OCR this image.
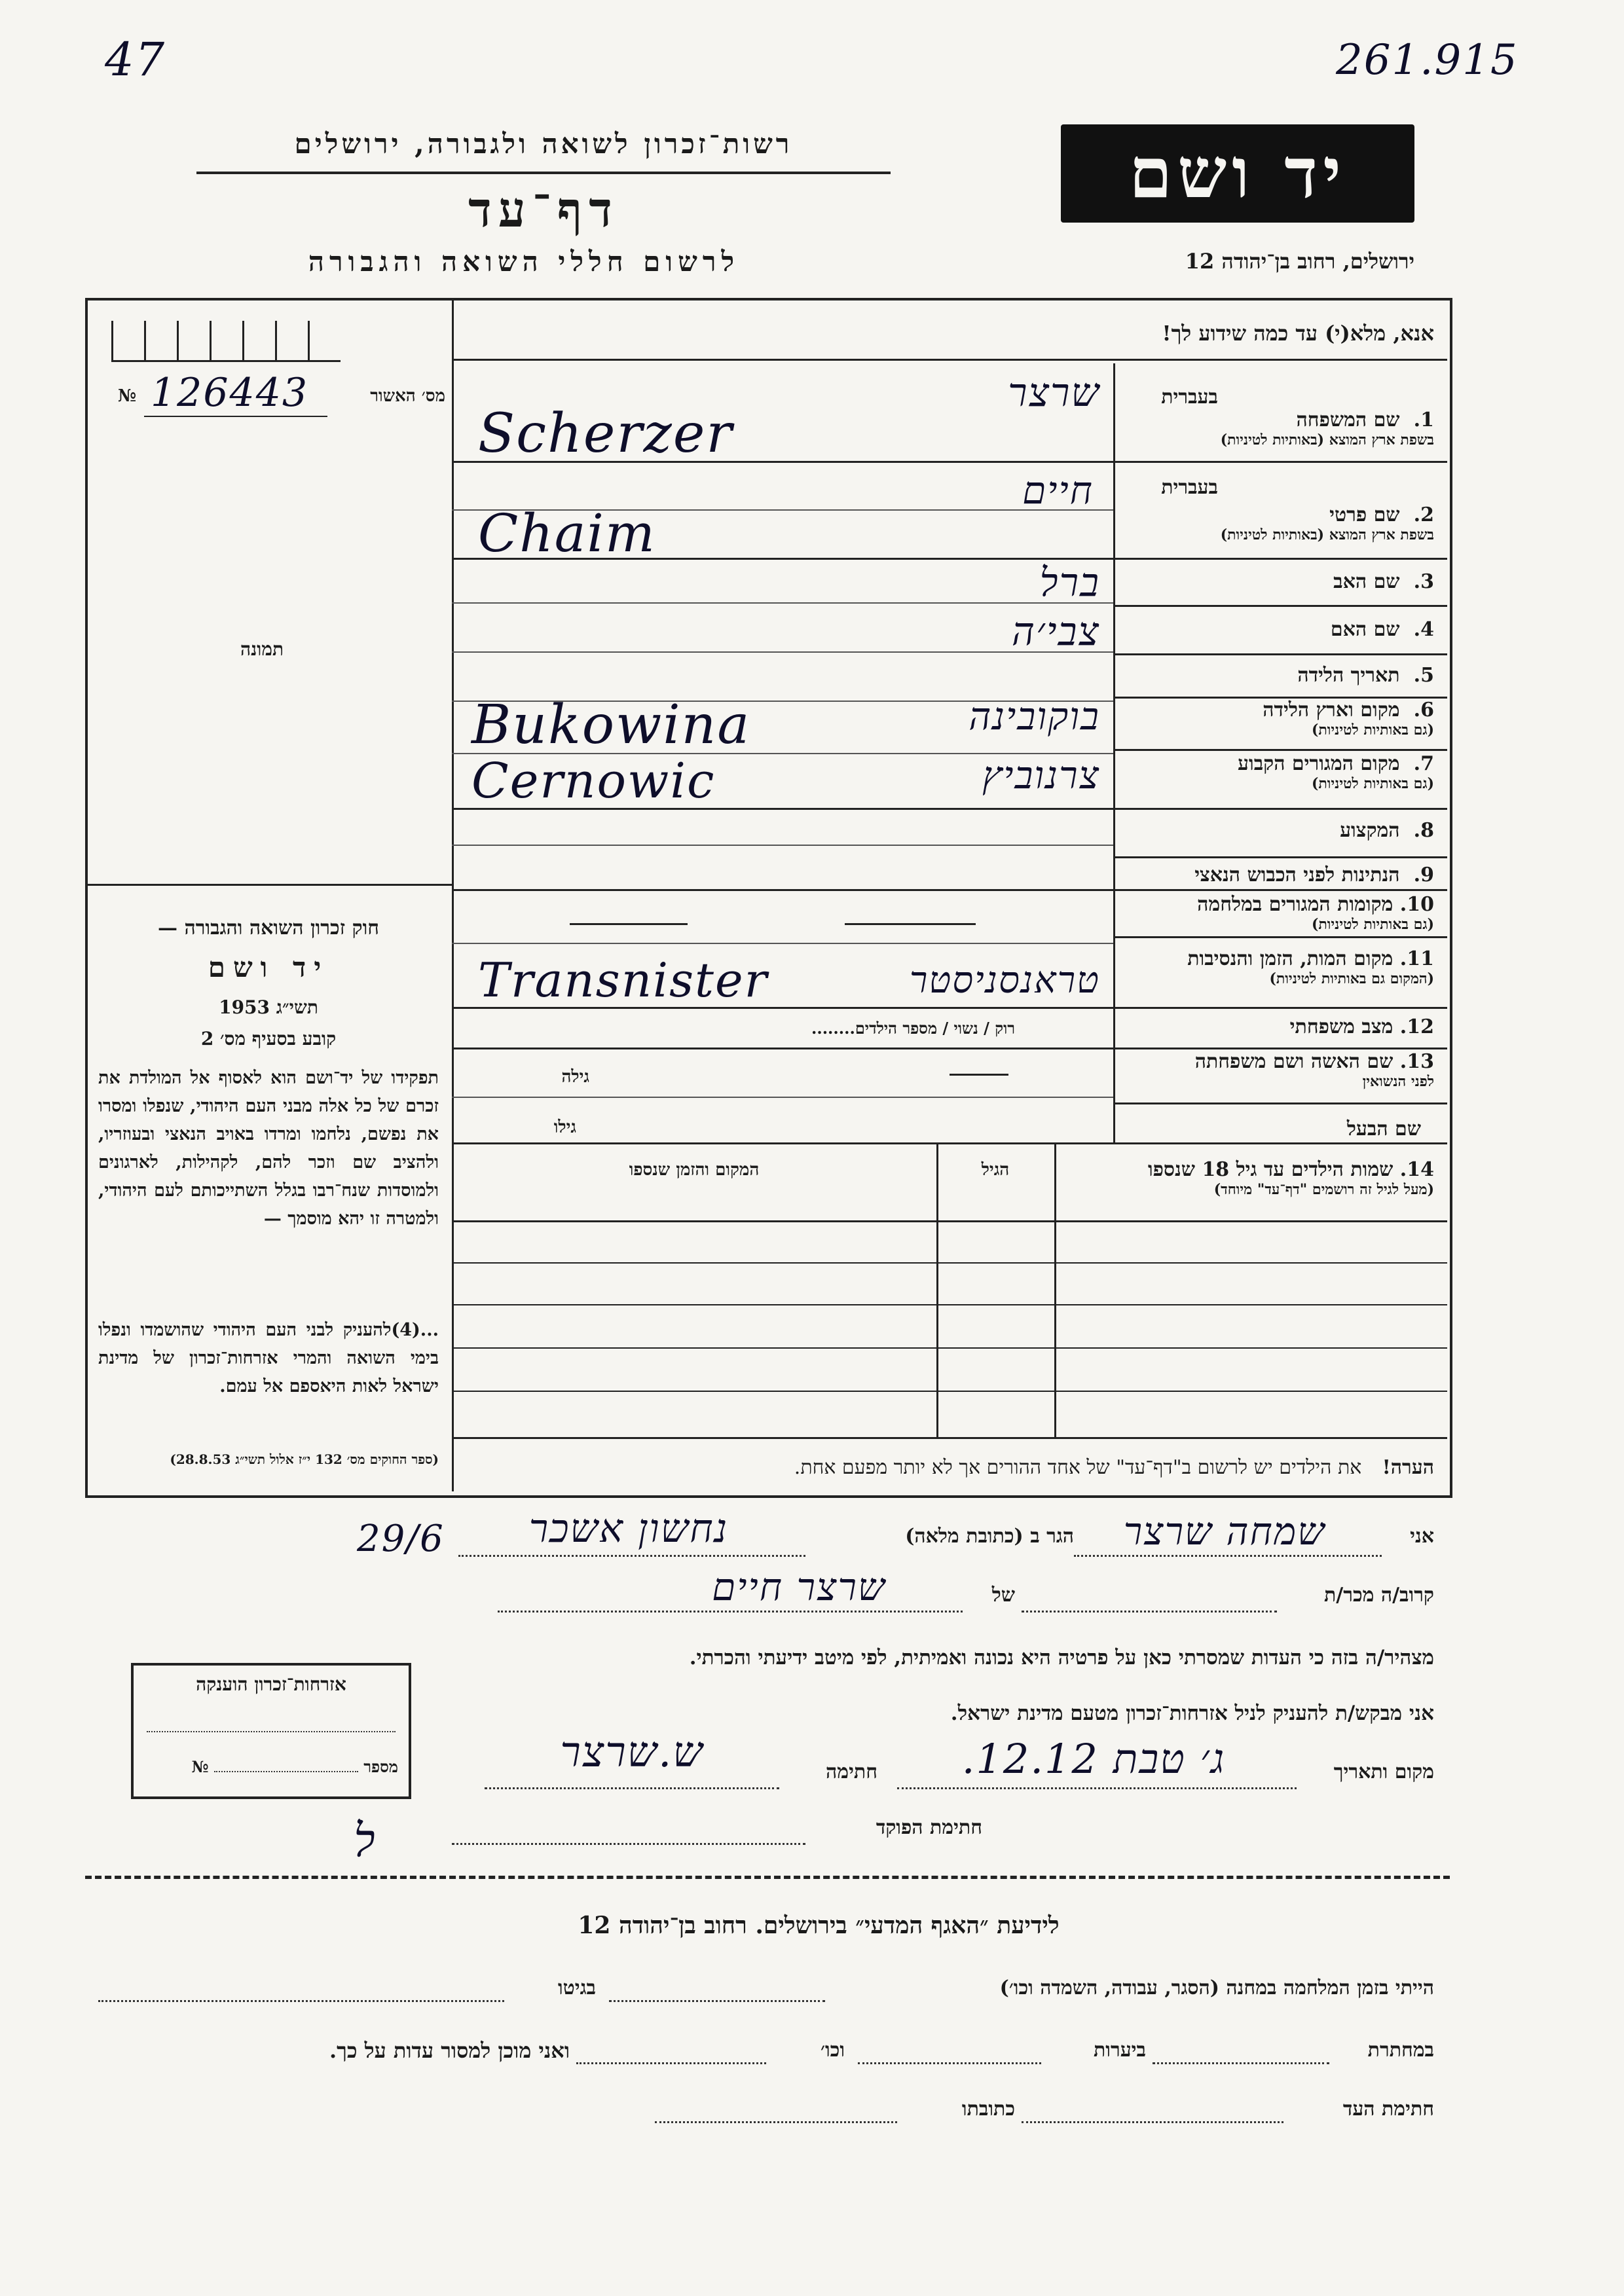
47	261.915
רשות־זכרון לשואה ולגבורה, ירושלים
דף־עד
לרשום חללי השואה והגבורה
יד ושם
ירושלים, רחוב בן־יהודה 12
אנא, מלא(י) עד כמה שידוע לך!
מס׳ האשור
126443
№
תמונה
חוק זכרון השואה והגבורה —
יד ושם
תשי״ג 1953
קובע בסעיף מס׳ 2
תפקידו של יד־ושם הוא לאסוף אל המולדת את זכרם של כל אלה מבני העם היהודי, שנפלו ומסרו את נפשם, נלחמו ומרדו באויב הנאצי ובעוזריו, ולהציב שם וזכר להם, לקהילות, לארגונים ולמוסדות שנח־רבו בגלל השתייכותם לעם היהודי, ולמטרה זו יהא מוסמך —
...(4)להעניק לבני העם היהודי שהושמדו ונפלו בימי השואה והמרי אזרחות־זכרון של מדינת ישראל לאות היאספם אל עמם.
(ספר החוקים מס׳ 132 י״ז אלול תשי״ג 28.8.53)
בעברית
1. שם המשפחה
בשפת ארץ המוצא (באותיות לטיניות)
שרצר
Scherzer
בעברית
2. שם פרטי
בשפת ארץ המוצא (באותיות לטיניות)
חיים
Chaim
3. שם האב
ברל
4. שם האם
צבי׳ה
5. תאריך הלידה
6. מקום וארץ הלידה
(גם באותיות לטיניות)
בוקובינה
Bukowina
7. מקום המגורים הקבוע
(גם באותיות לטיניות)
צרנוביץ
Cernowic
8. המקצוע
9. הנתינות לפני הכבוש הנאצי
10. מקומות המגורים במלחמה
(גם באותיות לטיניות)
11. מקום המות, הזמן והנסיבות
(המקום גם באותיות לטיניות)
טראנסניסטר
Transnister
12. מצב משפחתי
רוק / נשוי / מספר הילדים........
13. שם האשה ושם משפחתה
לפני הנשואין
גילה
שם הבעל
גילו
14. שמות הילדים עד גיל 18 שנספו
(מעל לגיל זה רושמים "דף־עד" מיוחד)
הגיל
המקום והזמן שנספו
הערה!   את הילדים יש לרשום ב"דף־עד" של אחד ההורים אך לא יותר מפעם אחת.
אני
שמחה שרצר
הגר ב (כתובת מלאה)
נחשון אשכר
29/6
קרוב/ה מכר/ת
של
שרצר חיים
מצהיר/ה בזה כי העדות שמסרתי כאן על פרטיה היא נכונה ואמיתית, לפי מיטב ידיעתי והכרתי.
אני מבקש/ת להעניק לניל אזרחות־זכרון מטעם מדינת ישראל.
מקום ותאריך
ג׳ טבת 12.12.
חתימה
ש.שרצר
חתימת הפוקד
ﬥ
אזרחות־זכרון הוענקה
מספר  №
לידיעת ״האגף המדעי״ בירושלים. רחוב בן־יהודה 12
הייתי בזמן המלחמה במחנה (הסגר, עבודה, השמדה וכו׳)
בגיטו
במחתרת
ביערות
וכו׳
ואני מוכן למסור עדות על כך.
חתימת העד
כתובתו
